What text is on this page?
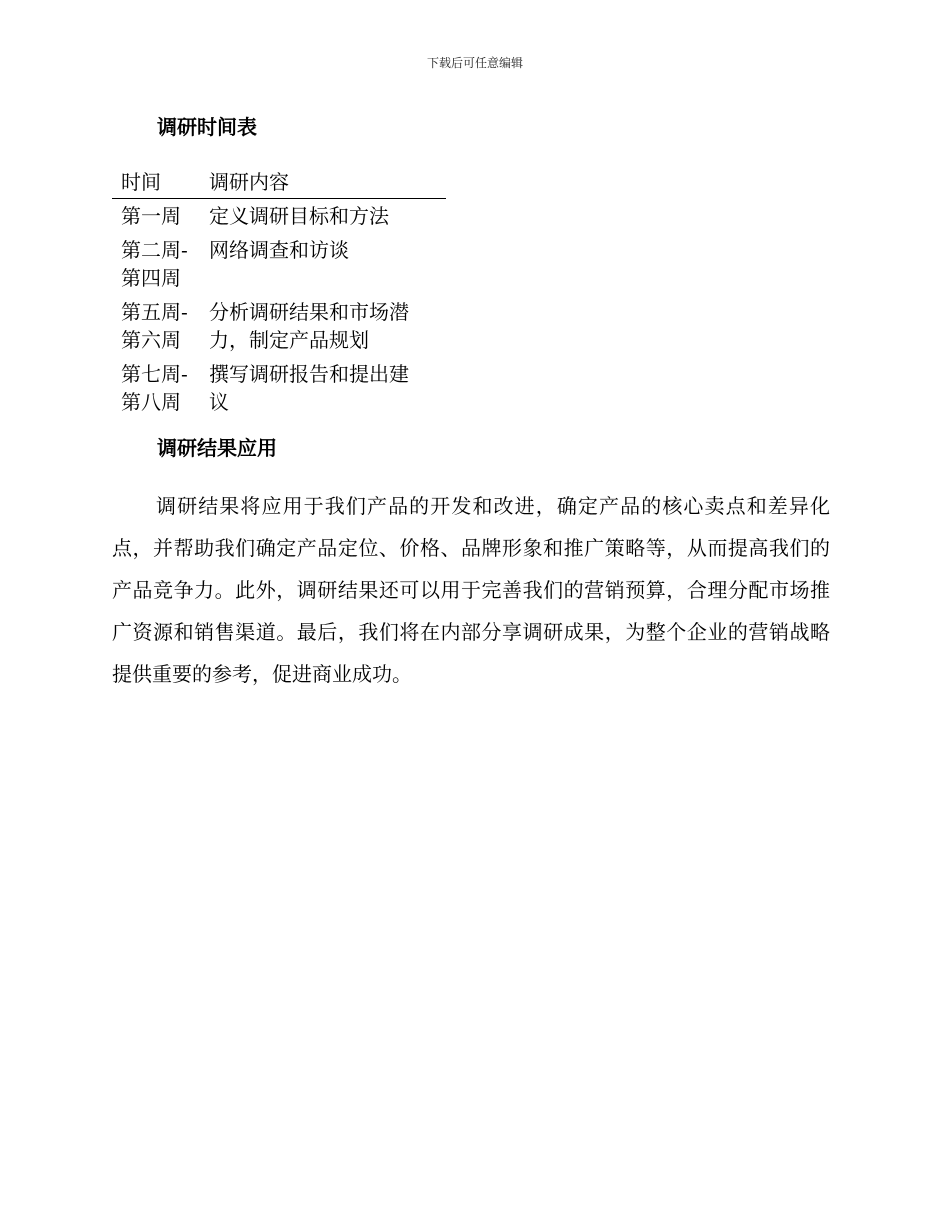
下载后可任意编辑
调研时间表
时间	调研内容

第一周	定义调研目标和方法

第二周-
第四周	网络调查和访谈

第五周-
第六周	分析调研结果和市场潜
力，制定产品规划

第七周-
第八周	撰写调研报告和提出建
议
调研结果应用

调研结果将应用于我们产品的开发和改进，确定产品的核心卖点和差异化点，并帮助我们确定产品定位、价格、品牌形象和推广策略等，从而提高我们的产品竞争力。此外，调研结果还可以用于完善我们的营销预算，合理分配市场推广资源和销售渠道。最后，我们将在内部分享调研成果，为整个企业的营销战略提供重要的参考，促进商业成功。
